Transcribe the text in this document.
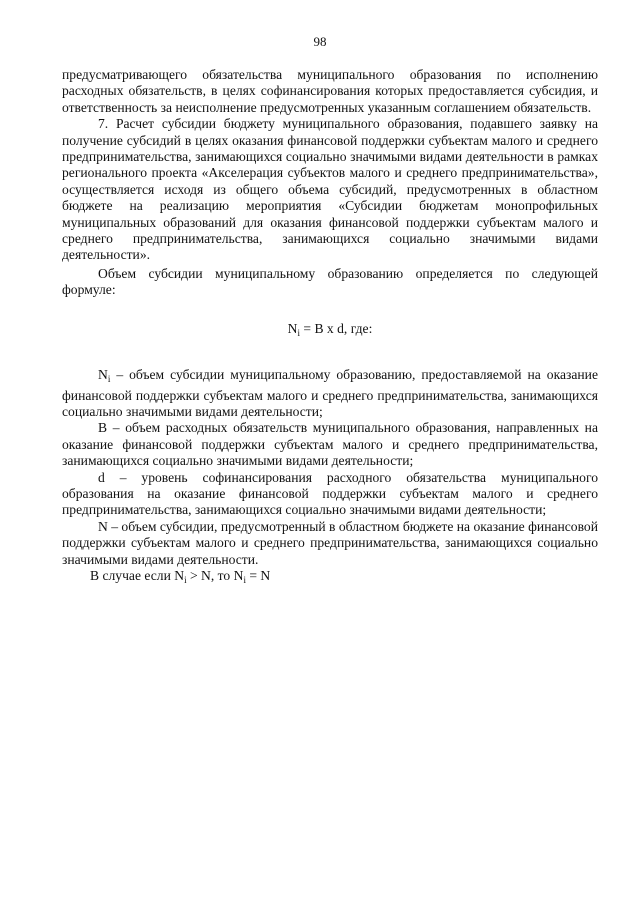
98

предусматривающего обязательства муниципального образования по исполнению расходных обязательств, в целях софинансирования которых предоставляется субсидия, и ответственность за неисполнение предусмотренных указанным соглашением обязательств.

7. Расчет субсидии бюджету муниципального образования, подавшего заявку на получение субсидий в целях оказания финансовой поддержки субъектам малого и среднего предпринимательства, занимающихся социально значимыми видами деятельности в рамках регионального проекта «Акселерация субъектов малого и среднего предпринимательства», осуществляется исходя из общего объема субсидий, предусмотренных в областном бюджете на реализацию мероприятия «Субсидии бюджетам монопрофильных муниципальных образований для оказания финансовой поддержки субъектам малого и среднего предпринимательства, занимающихся социально значимыми видами деятельности».

Объем субсидии муниципальному образованию определяется по следующей формуле:

$N_i = B$ x d, где:

$N_i$ – объем субсидии муниципальному образованию, предоставляемой на оказание финансовой поддержки субъектам малого и среднего предпринимательства, занимающихся социально значимыми видами деятельности;

B – объем расходных обязательств муниципального образования, направленных на оказание финансовой поддержки субъектам малого и среднего предпринимательства, занимающихся социально значимыми видами деятельности;

d – уровень софинансирования расходного обязательства муниципального образования на оказание финансовой поддержки субъектам малого и среднего предпринимательства, занимающихся социально значимыми видами деятельности;

N – объем субсидии, предусмотренный в областном бюджете на оказание финансовой поддержки субъектам малого и среднего предпринимательства, занимающихся социально значимыми видами деятельности.

В случае если $N_i > N$, то $N_i = N$
